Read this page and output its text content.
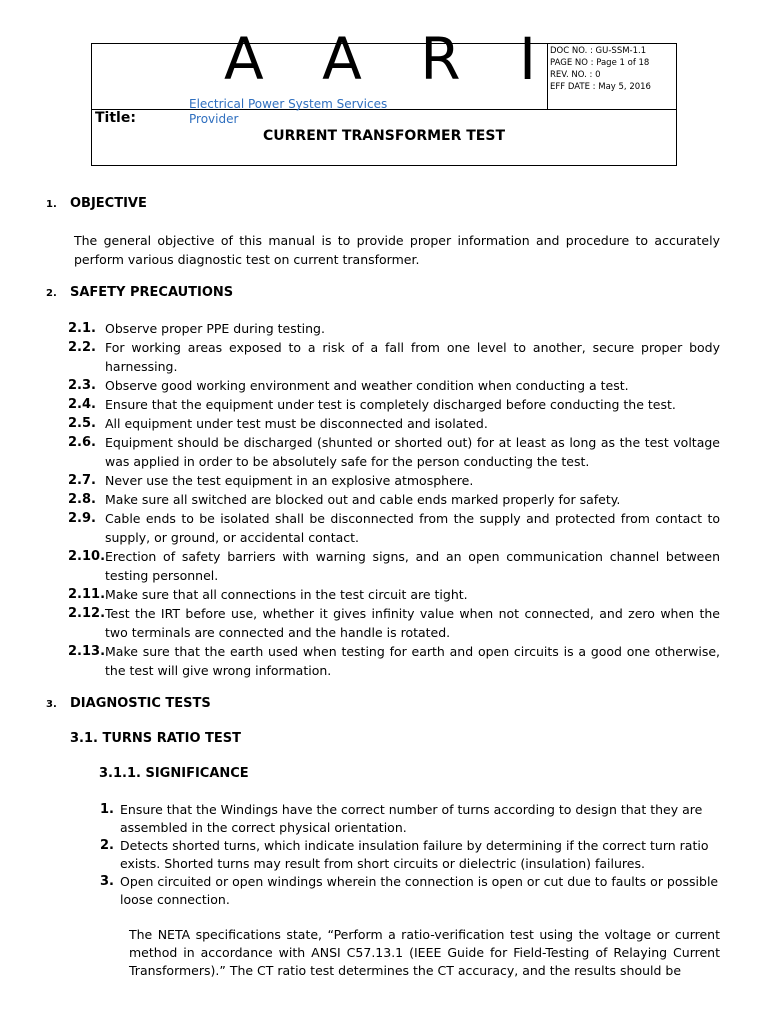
A A R I
Electrical Power System Services Provider
DOC NO. : GU-SSM-1.1
PAGE NO : Page 1 of 18
REV. NO. : 0
EFF DATE : May 5, 2016
Title:
CURRENT TRANSFORMER TEST
1. OBJECTIVE
The general objective of this manual is to provide proper information and procedure to accurately perform various diagnostic test on current transformer.
2. SAFETY PRECAUTIONS
2.1. Observe proper PPE during testing.
2.2. For working areas exposed to a risk of a fall from one level to another, secure proper body harnessing.
2.3. Observe good working environment and weather condition when conducting a test.
2.4. Ensure that the equipment under test is completely discharged before conducting the test.
2.5. All equipment under test must be disconnected and isolated.
2.6. Equipment should be discharged (shunted or shorted out) for at least as long as the test voltage was applied in order to be absolutely safe for the person conducting the test.
2.7. Never use the test equipment in an explosive atmosphere.
2.8. Make sure all switched are blocked out and cable ends marked properly for safety.
2.9. Cable ends to be isolated shall be disconnected from the supply and protected from contact to supply, or ground, or accidental contact.
2.10. Erection of safety barriers with warning signs, and an open communication channel between testing personnel.
2.11. Make sure that all connections in the test circuit are tight.
2.12. Test the IRT before use, whether it gives infinity value when not connected, and zero when the two terminals are connected and the handle is rotated.
2.13. Make sure that the earth used when testing for earth and open circuits is a good one otherwise, the test will give wrong information.
3. DIAGNOSTIC TESTS
3.1. TURNS RATIO TEST
3.1.1. SIGNIFICANCE
1. Ensure that the Windings have the correct number of turns according to design that they are assembled in the correct physical orientation.
2. Detects shorted turns, which indicate insulation failure by determining if the correct turn ratio exists. Shorted turns may result from short circuits or dielectric (insulation) failures.
3. Open circuited or open windings wherein the connection is open or cut due to faults or possible loose connection.
The NETA specifications state, “Perform a ratio-verification test using the voltage or current method in accordance with ANSI C57.13.1 (IEEE Guide for Field-Testing of Relaying Current Transformers).” The CT ratio test determines the CT accuracy, and the results should be
